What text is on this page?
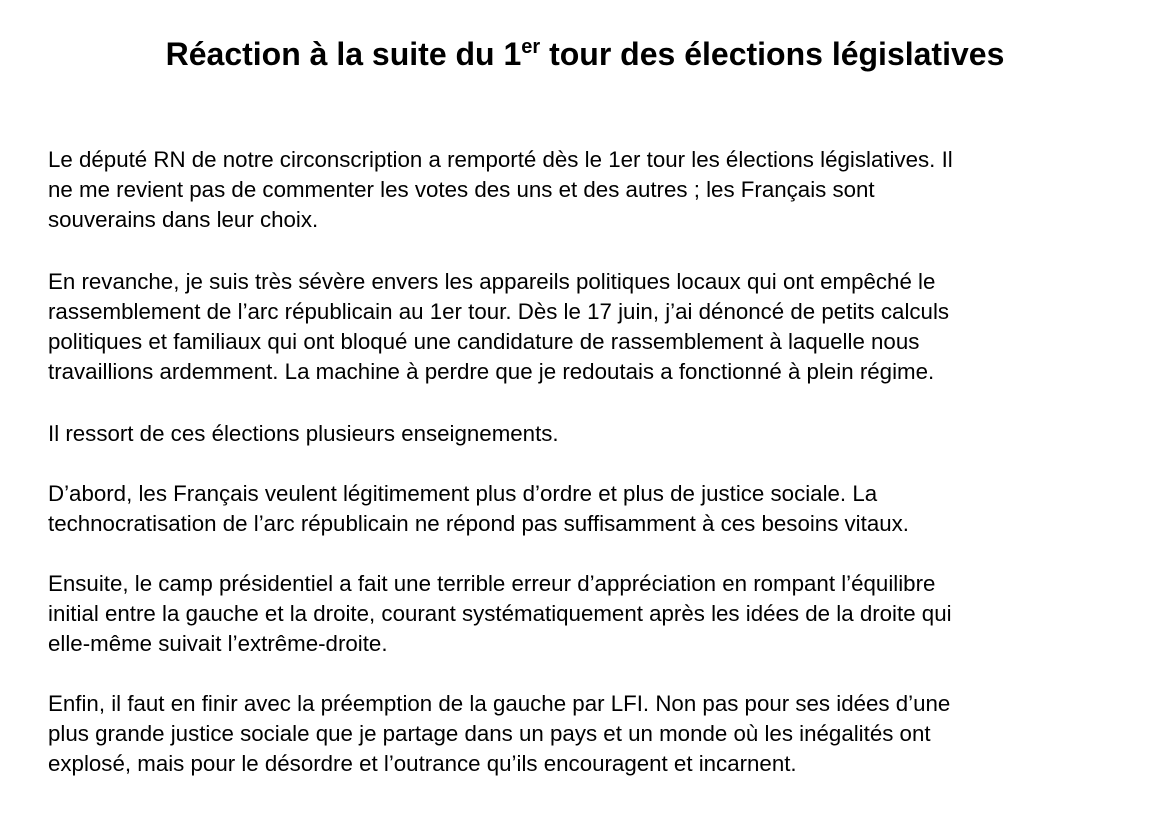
Réaction à la suite du 1er tour des élections législatives

Le député RN de notre circonscription a remporté dès le 1er tour les élections législatives. Il
ne me revient pas de commenter les votes des uns et des autres ; les Français sont
souverains dans leur choix.

En revanche, je suis très sévère envers les appareils politiques locaux qui ont empêché le
rassemblement de l’arc républicain au 1er tour. Dès le 17 juin, j’ai dénoncé de petits calculs
politiques et familiaux qui ont bloqué une candidature de rassemblement à laquelle nous
travaillions ardemment. La machine à perdre que je redoutais a fonctionné à plein régime.

Il ressort de ces élections plusieurs enseignements.

D’abord, les Français veulent légitimement plus d’ordre et plus de justice sociale. La
technocratisation de l’arc républicain ne répond pas suffisamment à ces besoins vitaux.

Ensuite, le camp présidentiel a fait une terrible erreur d’appréciation en rompant l’équilibre
initial entre la gauche et la droite, courant systématiquement après les idées de la droite qui
elle-même suivait l’extrême-droite.

Enfin, il faut en finir avec la préemption de la gauche par LFI. Non pas pour ses idées d’une
plus grande justice sociale que je partage dans un pays et un monde où les inégalités ont
explosé, mais pour le désordre et l’outrance qu’ils encouragent et incarnent.
